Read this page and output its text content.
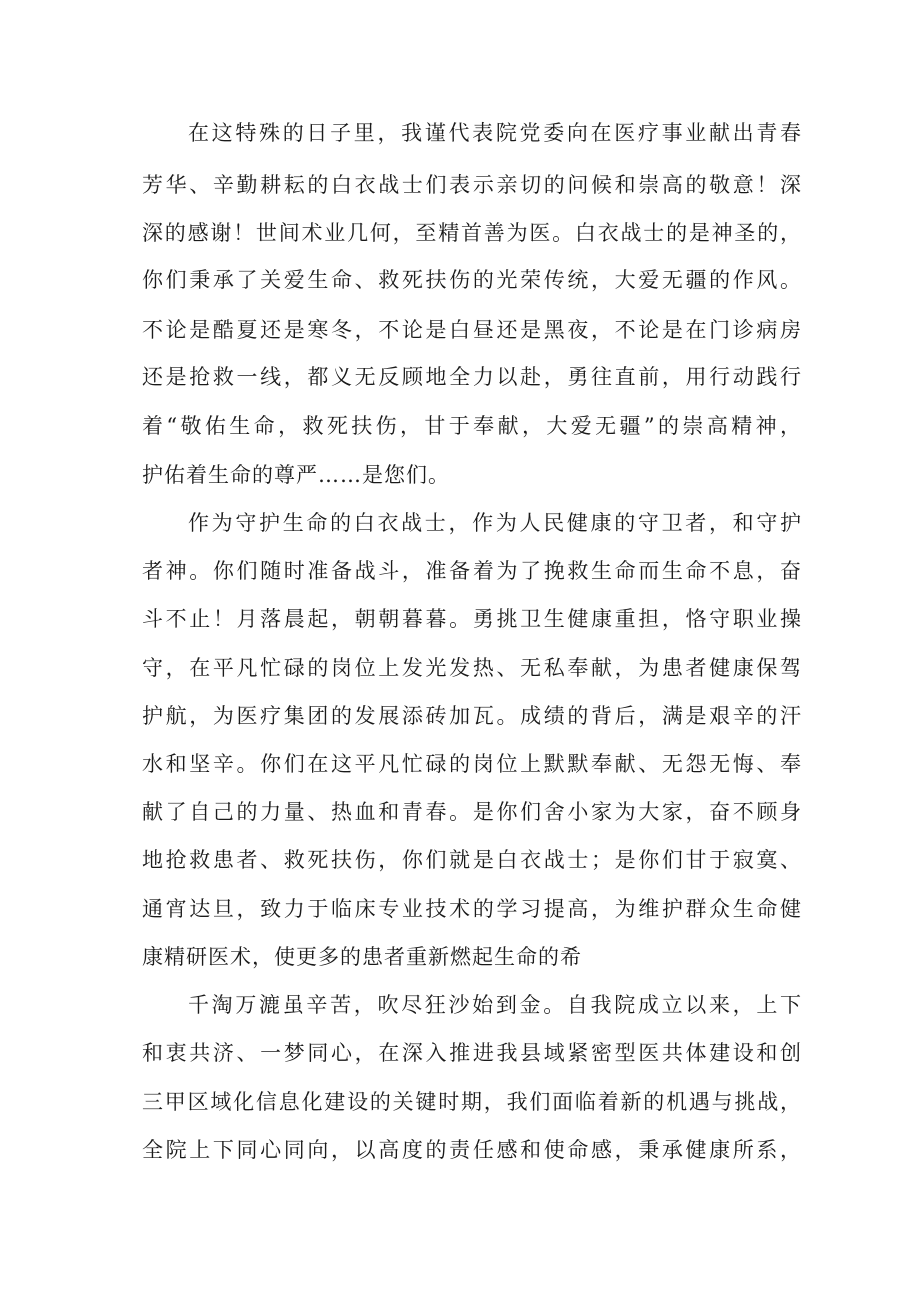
在这特殊的日子里，我谨代表院党委向在医疗事业献出青春
芳华、辛勤耕耘的白衣战士们表示亲切的问候和崇高的敬意！深
深的感谢！世间术业几何，至精首善为医。白衣战士的是神圣的，
你们秉承了关爱生命、救死扶伤的光荣传统，大爱无疆的作风。
不论是酷夏还是寒冬，不论是白昼还是黑夜，不论是在门诊病房
还是抢救一线，都义无反顾地全力以赴，勇往直前，用行动践行
着“敬佑生命，救死扶伤，甘于奉献，大爱无疆”的崇高精神，
护佑着生命的尊严……是您们。
作为守护生命的白衣战士，作为人民健康的守卫者，和守护
者神。你们随时准备战斗，准备着为了挽救生命而生命不息，奋
斗不止！月落晨起，朝朝暮暮。勇挑卫生健康重担，恪守职业操
守，在平凡忙碌的岗位上发光发热、无私奉献，为患者健康保驾
护航，为医疗集团的发展添砖加瓦。成绩的背后，满是艰辛的汗
水和坚辛。你们在这平凡忙碌的岗位上默默奉献、无怨无悔、奉
献了自己的力量、热血和青春。是你们舍小家为大家，奋不顾身
地抢救患者、救死扶伤，你们就是白衣战士；是你们甘于寂寞、
通宵达旦，致力于临床专业技术的学习提高，为维护群众生命健
康精研医术，使更多的患者重新燃起生命的希
千淘万漉虽辛苦，吹尽狂沙始到金。自我院成立以来，上下
和衷共济、一梦同心，在深入推进我县域紧密型医共体建设和创
三甲区域化信息化建设的关键时期，我们面临着新的机遇与挑战，
全院上下同心同向，以高度的责任感和使命感，秉承健康所系，
